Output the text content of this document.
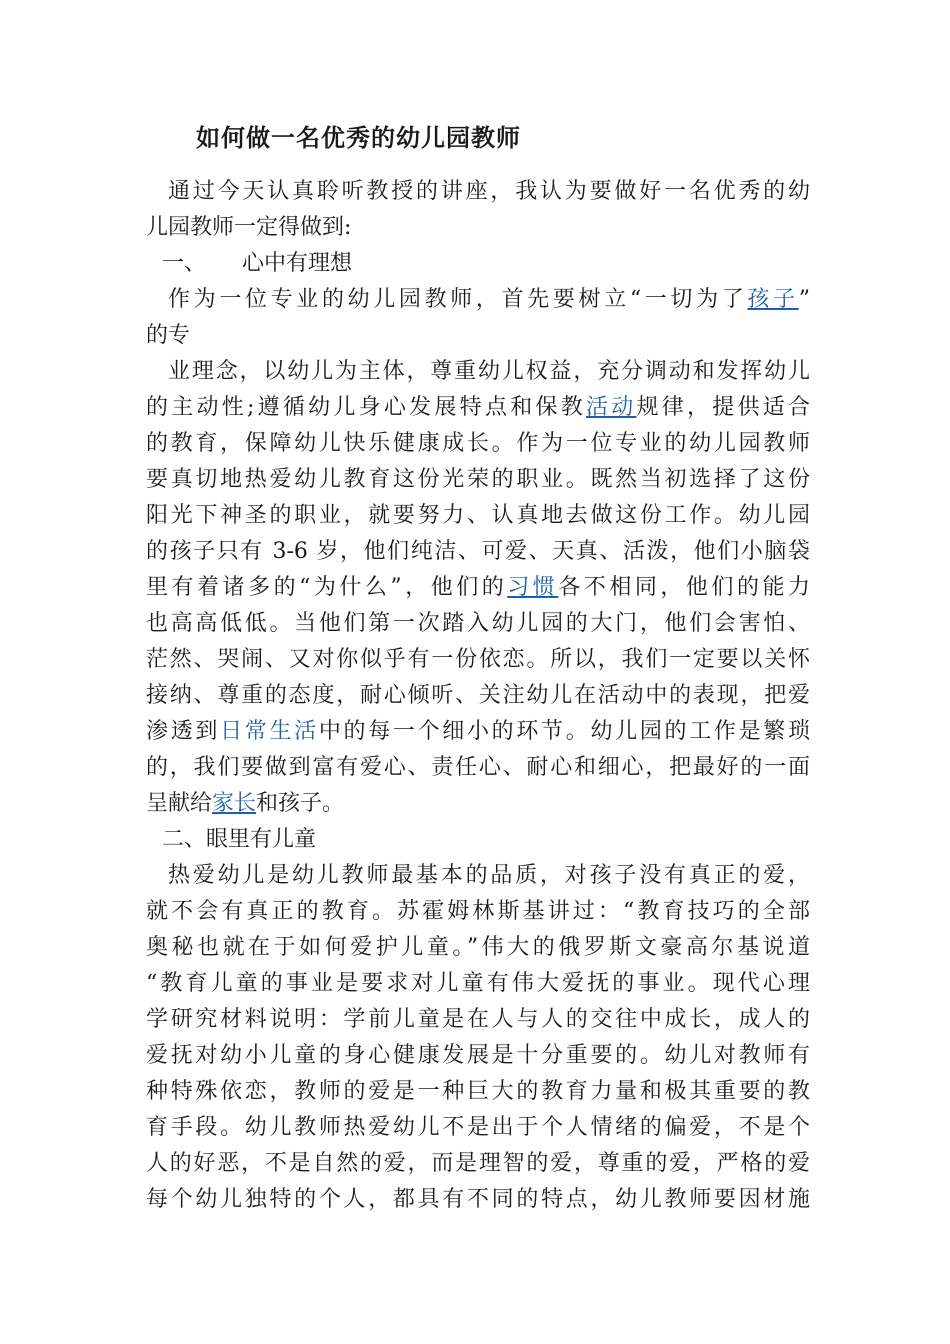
如何做一名优秀的幼儿园教师
通过今天认真聆听教授的讲座，我认为要做好一名优秀的幼
儿园教师一定得做到:
一、 心中有理想
作为一位专业的幼儿园教师，首先要树立“一切为了孩子”
的专
业理念，以幼儿为主体，尊重幼儿权益，充分调动和发挥幼儿
的主动性;遵循幼儿身心发展特点和保教活动规律，提供适合
的教育，保障幼儿快乐健康成长。作为一位专业的幼儿园教师
要真切地热爱幼儿教育这份光荣的职业。既然当初选择了这份
阳光下神圣的职业，就要努力、认真地去做这份工作。幼儿园
的孩子只有 3-6 岁，他们纯洁、可爱、天真、活泼，他们小脑袋
里有着诸多的“为什么”，他们的习惯各不相同，他们的能力
也高高低低。当他们第一次踏入幼儿园的大门，他们会害怕、
茫然、哭闹、又对你似乎有一份依恋。所以，我们一定要以关怀
接纳、尊重的态度，耐心倾听、关注幼儿在活动中的表现，把爱
渗透到日常生活中的每一个细小的环节。幼儿园的工作是繁琐
的，我们要做到富有爱心、责任心、耐心和细心，把最好的一面
呈献给家长和孩子。
二、眼里有儿童
热爱幼儿是幼儿教师最基本的品质，对孩子没有真正的爱，
就不会有真正的教育。苏霍姆林斯基讲过：“教育技巧的全部
奥秘也就在于如何爱护儿童。”伟大的俄罗斯文豪高尔基说道
“教育儿童的事业是要求对儿童有伟大爱抚的事业。现代心理
学研究材料说明：学前儿童是在人与人的交往中成长，成人的
爱抚对幼小儿童的身心健康发展是十分重要的。幼儿对教师有
种特殊依恋，教师的爱是一种巨大的教育力量和极其重要的教
育手段。幼儿教师热爱幼儿不是出于个人情绪的偏爱，不是个
人的好恶，不是自然的爱，而是理智的爱，尊重的爱，严格的爱
每个幼儿独特的个人，都具有不同的特点，幼儿教师要因材施
